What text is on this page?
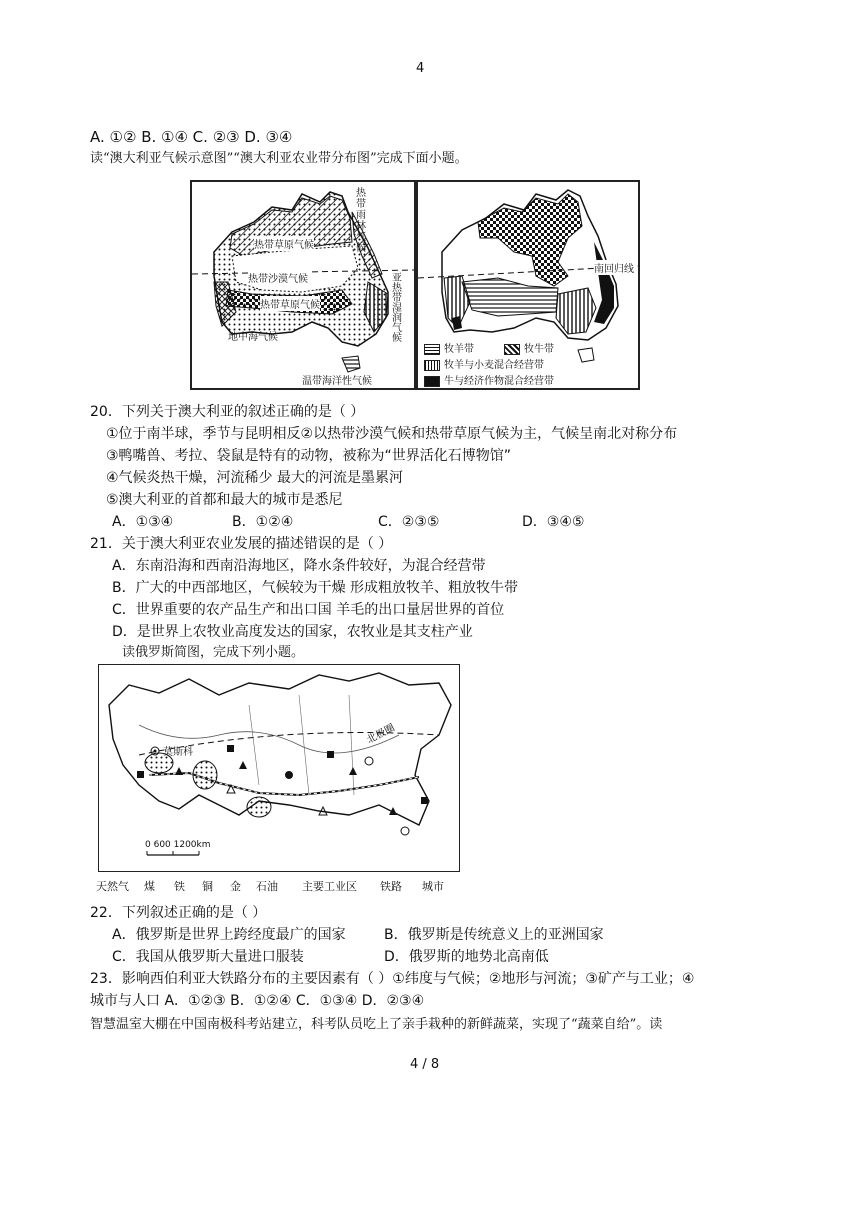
4
A. ①② B. ①④ C. ②③ D. ③④
读“澳大利亚气候示意图”“澳大利亚农业带分布图”完成下面小题。
热带雨林气候
热带草原气候
热带沙漠气候
热带草原气候
地中海气候
亚热带湿润气候
温带海洋性气候
南回归线
牧羊带	牧牛带
牧羊与小麦混合经营带
牛与经济作物混合经营带
20．下列关于澳大利亚的叙述正确的是（ ）
①位于南半球，季节与昆明相反②以热带沙漠气候和热带草原气候为主，气候呈南北对称分布
③鸭嘴兽、考拉、袋鼠是特有的动物，被称为“世界活化石博物馆”
④气候炎热干燥，河流稀少 最大的河流是墨累河
⑤澳大利亚的首都和最大的城市是悉尼
A．①③④	B．①②④	C．②③⑤	D．③④⑤
21．关于澳大利亚农业发展的描述错误的是（ ）
A．东南沿海和西南沿海地区，降水条件较好，为混合经营带
B．广大的中西部地区，气候较为干燥 形成粗放牧羊、粗放牧牛带
C．世界重要的农产品生产和出口国 羊毛的出口量居世界的首位
D．是世界上农牧业高度发达的国家，农牧业是其支柱产业
读俄罗斯简图，完成下列小题。
北极圈
莫斯科
0 600 1200km
天然气 煤 铁 铜 金 石油 主要工业区 铁路 城市
22．下列叙述正确的是（ ）
A．俄罗斯是世界上跨经度最广的国家	B．俄罗斯是传统意义上的亚洲国家
C．我国从俄罗斯大量进口服装	D．俄罗斯的地势北高南低
23．影响西伯利亚大铁路分布的主要因素有（ ）①纬度与气候；②地形与河流；③矿产与工业；④
城市与人口 A．①②③ B．①②④ C．①③④ D．②③④
智慧温室大棚在中国南极科考站建立，科考队员吃上了亲手栽种的新鲜蔬菜，实现了“蔬菜自给”。读
4 / 8
